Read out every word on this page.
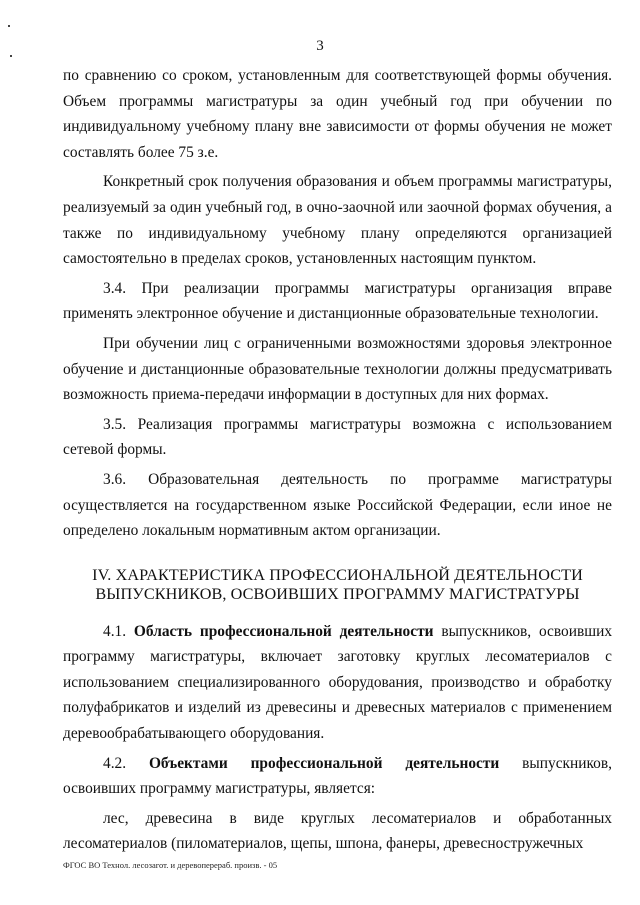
3

по сравнению со сроком, установленным для соответствующей формы обучения. Объем программы магистратуры за один учебный год при обучении по индивидуальному учебному плану вне зависимости от формы обучения не может составлять более 75 з.е.

Конкретный срок получения образования и объем программы магистратуры, реализуемый за один учебный год, в очно-заочной или заочной формах обучения, а также по индивидуальному учебному плану определяются организацией самостоятельно в пределах сроков, установленных настоящим пунктом.

3.4. При реализации программы магистратуры организация вправе применять электронное обучение и дистанционные образовательные технологии.

При обучении лиц с ограниченными возможностями здоровья электронное обучение и дистанционные образовательные технологии должны предусматривать возможность приема-передачи информации в доступных для них формах.

3.5. Реализация программы магистратуры возможна с использованием сетевой формы.

3.6. Образовательная деятельность по программе магистратуры осуществляется на государственном языке Российской Федерации, если иное не определено локальным нормативным актом организации.

IV. ХАРАКТЕРИСТИКА ПРОФЕССИОНАЛЬНОЙ ДЕЯТЕЛЬНОСТИ
ВЫПУСКНИКОВ, ОСВОИВШИХ ПРОГРАММУ МАГИСТРАТУРЫ

4.1. Область профессиональной деятельности выпускников, освоивших программу магистратуры, включает заготовку круглых лесоматериалов с использованием специализированного оборудования, производство и обработку полуфабрикатов и изделий из древесины и древесных материалов с применением деревообрабатывающего оборудования.

4.2. Объектами профессиональной деятельности выпускников, освоивших программу магистратуры, является:

лес, древесина в виде круглых лесоматериалов и обработанных лесоматериалов (пиломатериалов, щепы, шпона, фанеры, древесностружечных

ФГОС ВО Технол. лесозагот. и деревоперераб. произв. - 05
